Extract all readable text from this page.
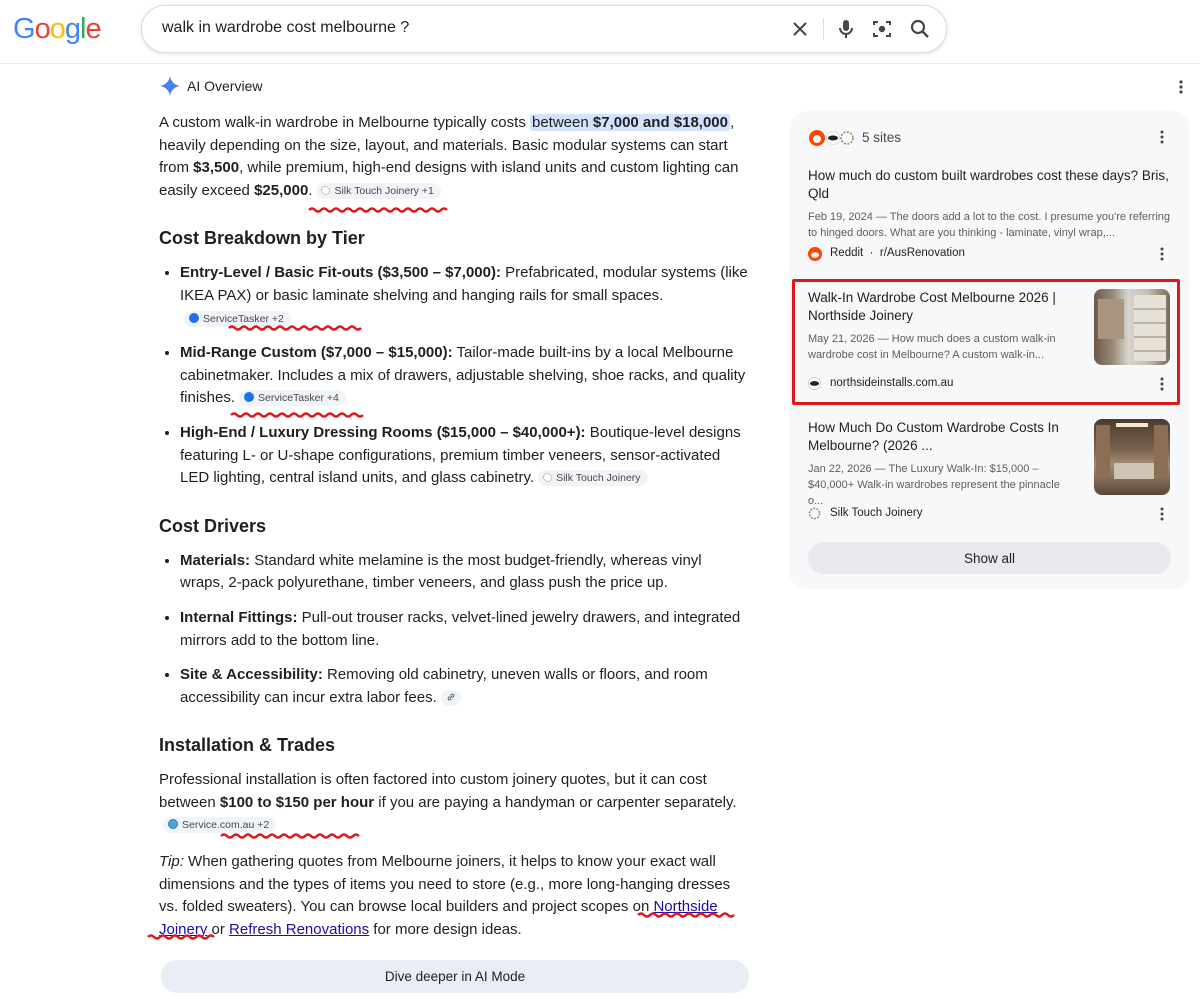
Google
walk in wardrobe cost melbourne ?
AI Overview

A custom walk-in wardrobe in Melbourne typically costs between $7,000 and $18,000 , heavily depending on the size, layout, and materials. Basic modular systems can start from $3,500, while premium, high-end designs with island units and custom lighting can easily exceed $25,000. Silk Touch Joinery +1

Cost Breakdown by Tier
• Entry-Level / Basic Fit-outs ($3,500 – $7,000): Prefabricated, modular systems (like IKEA PAX) or basic laminate shelving and hanging rails for small spaces.ServiceTasker +2
• Mid-Range Custom ($7,000 – $15,000): Tailor-made built-ins by a local Melbourne cabinetmaker. Includes a mix of drawers, adjustable shelving, shoe racks, and quality finishes. ServiceTasker +4
• High-End / Luxury Dressing Rooms ($15,000 – $40,000+): Boutique-level designs featuring L- or U-shape configurations, premium timber veneers, sensor-activated LED lighting, central island units, and glass cabinetry. Silk Touch Joinery
Cost Drivers
• Materials: Standard white melamine is the most budget-friendly, whereas vinyl wraps, 2-pack polyurethane, timber veneers, and glass push the price up.
• Internal Fittings: Pull-out trouser racks, velvet-lined jewelry drawers, and integrated mirrors add to the bottom line.
• Site & Accessibility: Removing old cabinetry, uneven walls or floors, and room accessibility can incur extra labor fees.
Installation & Trades

Professional installation is often factored into custom joinery quotes, but it can cost between $100 to $150 per hour if you are paying a handyman or carpenter separately.Service.com.au +2

Tip: When gathering quotes from Melbourne joiners, it helps to know your exact wall dimensions and the types of items you need to store (e.g., more long-hanging dresses vs. folded sweaters). You can browse local builders and project scopes on Northside Joinery or Refresh Renovations for more design ideas.

5 sites
How much do custom built wardrobes cost these days? Bris, Qld
Feb 19, 2024 — The doors add a lot to the cost. I presume you're referring to hinged doors. What are you thinking - laminate, vinyl wrap,...
Reddit  ·  r/AusRenovation
Walk-In Wardrobe Cost Melbourne 2026 | Northside Joinery
May 21, 2026 — How much does a custom walk-in wardrobe cost in Melbourne? A custom walk-in...
northsideinstalls.com.au
How Much Do Custom Wardrobe Costs In Melbourne? (2026 ...
Jan 22, 2026 — The Luxury Walk-In: $15,000 – $40,000+ Walk-in wardrobes represent the pinnacle o...
Silk Touch Joinery
Show all
Dive deeper in AI Mode
